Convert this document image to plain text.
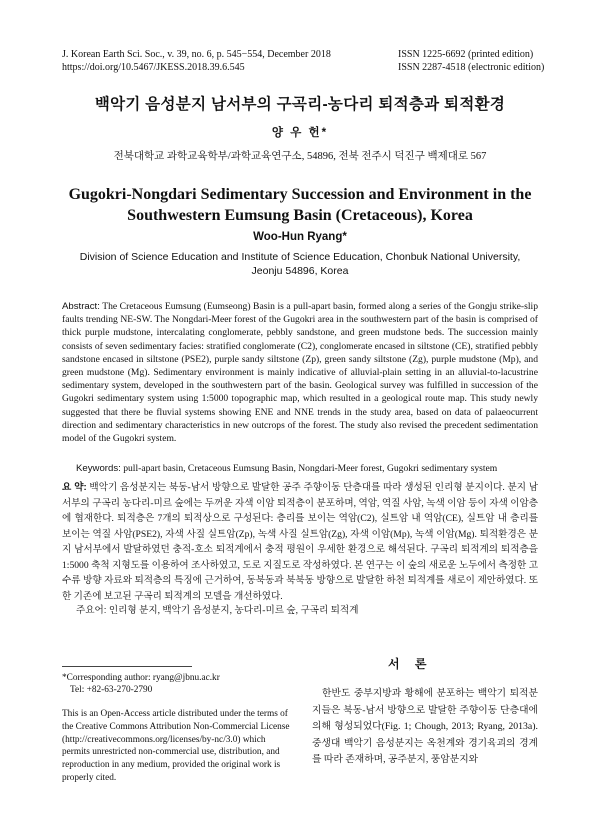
J. Korean Earth Sci. Soc., v. 39, no. 6, p. 545−554, December 2018
https://doi.org/10.5467/JKESS.2018.39.6.545
ISSN 1225-6692 (printed edition)
ISSN 2287-4518 (electronic edition)
백악기 음성분지 남서부의 구곡리-농다리 퇴적층과 퇴적환경
양 우 헌*
전북대학교 과학교육학부/과학교육연구소, 54896, 전북 전주시 덕진구 백제대로 567
Gugokri-Nongdari Sedimentary Succession and Environment in the Southwestern Eumsung Basin (Cretaceous), Korea
Woo-Hun Ryang*
Division of Science Education and Institute of Science Education, Chonbuk National University, Jeonju 54896, Korea
Abstract: The Cretaceous Eumsung (Eumseong) Basin is a pull-apart basin, formed along a series of the Gongju strike-slip faults trending NE-SW. The Nongdari-Meer forest of the Gugokri area in the southwestern part of the basin is comprised of thick purple mudstone, intercalating conglomerate, pebbly sandstone, and green mudstone beds. The succession mainly consists of seven sedimentary facies: stratified conglomerate (C2), conglomerate encased in siltstone (CE), stratified pebbly sandstone encased in siltstone (PSE2), purple sandy siltstone (Zp), green sandy siltstone (Zg), purple mudstone (Mp), and green mudstone (Mg). Sedimentary environment is mainly indicative of alluvial-plain setting in an alluvial-to-lacustrine sedimentary system, developed in the southwestern part of the basin. Geological survey was fulfilled in succession of the Gugokri sedimentary system using 1:5000 topographic map, which resulted in a geological route map. This study newly suggested that there be fluvial systems showing ENE and NNE trends in the study area, based on data of palaeocurrent direction and sedimentary characteristics in new outcrops of the forest. The study also revised the precedent sedimentation model of the Gugokri system.
Keywords: pull-apart basin, Cretaceous Eumsung Basin, Nongdari-Meer forest, Gugokri sedimentary system
요 약: 백악기 음성분지는 북동-남서 방향으로 발달한 공주 주향이동 단층대를 따라 생성된 인리형 분지이다. 분지 남서부의 구곡리 농다리-미르 숲에는 두꺼운 자색 이암 퇴적층이 분포하며, 역암, 역질 사암, 녹색 이암 등이 자색 이암층에 협재한다. 퇴적층은 7개의 퇴적상으로 구성된다: 층리를 보이는 역암(C2), 실트암 내 역암(CE), 실트암 내 층리를 보이는 역질 사암(PSE2), 자색 사질 실트암(Zp), 녹색 사질 실트암(Zg), 자색 이암(Mp), 녹색 이암(Mg). 퇴적환경은 분지 남서부에서 발달하였던 충적-호소 퇴적계에서 충적 평원이 우세한 환경으로 해석된다. 구곡리 퇴적계의 퇴적층을 1:5000 축척 지형도를 이용하여 조사하였고, 도로 지질도로 작성하였다. 본 연구는 이 숲의 새로운 노두에서 측정한 고수류 방향 자료와 퇴적층의 특징에 근거하여, 동북동과 북북동 방향으로 발달한 하천 퇴적계를 새로이 제안하였다. 또한 기존에 보고된 구곡리 퇴적계의 모델을 개선하였다.
주요어: 인리형 분지, 백악기 음성분지, 농다리-미르 숲, 구곡리 퇴적계
*Corresponding author: ryang@jbnu.ac.kr
Tel: +82-63-270-2790
This is an Open-Access article distributed under the terms of the Creative Commons Attribution Non-Commercial License (http://creativecommons.org/licenses/by-nc/3.0) which permits unrestricted non-commercial use, distribution, and reproduction in any medium, provided the original work is properly cited.
서 론
한반도 중부지방과 황해에 분포하는 백악기 퇴적분지들은 북동-남서 방향으로 발달한 주향이동 단층대에 의해 형성되었다(Fig. 1; Chough, 2013; Ryang, 2013a). 중생대 백악기 음성분지는 옥천계와 경기육괴의 경계를 따라 존재하며, 공주분지, 풍암분지와
